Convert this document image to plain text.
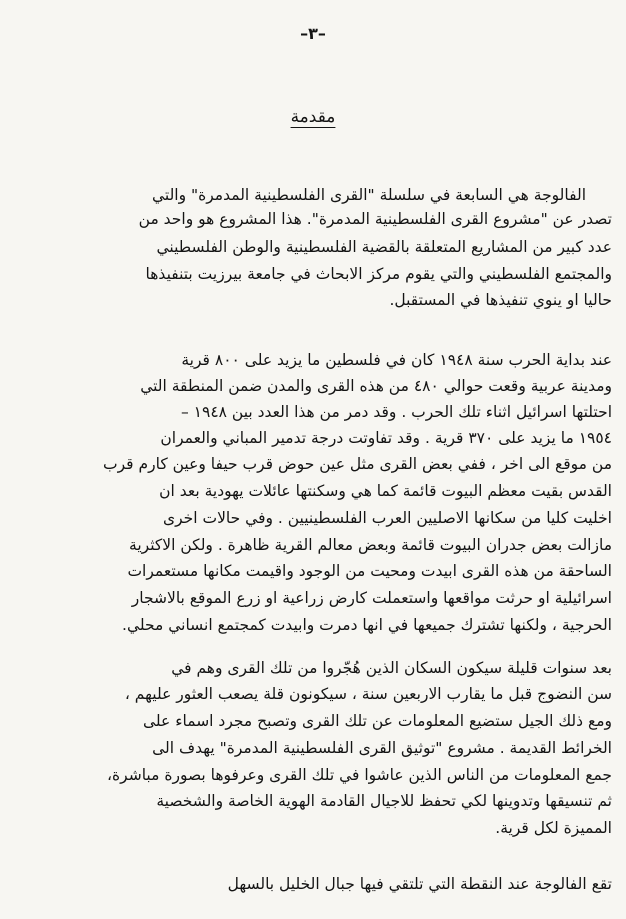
–٣–
مقدمة
الفالوجة هي السابعة في سلسلة "القرى الفلسطينية المدمرة" والتي
تصدر عن "مشروع القرى الفلسطينية المدمرة". هذا المشروع هو واحد من
عدد كبير من المشاريع المتعلقة بالقضية الفلسطينية والوطن الفلسطيني
والمجتمع الفلسطيني والتي يقوم مركز الابحاث في جامعة بيرزيت بتنفيذها
حاليا او ينوي تنفيذها في المستقبل.
عند بداية الحرب سنة ١٩٤٨ كان في فلسطين ما يزيد على ٨٠٠ قرية
ومدينة عربية وقعت حوالي ٤٨٠ من هذه القرى والمدن ضمن المنطقة التي
احتلتها اسرائيل اثناء تلك الحرب . وقد دمر من هذا العدد بين ١٩٤٨ –
١٩٥٤ ما يزيد على ٣٧٠ قرية . وقد تفاوتت درجة تدمير المباني والعمران
من موقع الى اخر ، ففي بعض القرى مثل عين حوض قرب حيفا وعين كارم قرب
القدس بقيت معظم البيوت قائمة كما هي وسكنتها عائلات يهودية بعد ان
اخليت كليا من سكانها الاصليين العرب الفلسطينيين . وفي حالات اخرى
مازالت بعض جدران البيوت قائمة وبعض معالم القرية ظاهرة . ولكن الاكثرية
الساحقة من هذه القرى ابيدت ومحيت من الوجود واقيمت مكانها مستعمرات
اسرائيلية او حرثت مواقعها واستعملت كارض زراعية او زرع الموقع بالاشجار
الحرجية ، ولكنها تشترك جميعها في انها دمرت وابيدت كمجتمع انساني محلي.
بعد سنوات قليلة سيكون السكان الذين هُجّروا من تلك القرى وهم في
سن النضوج قبل ما يقارب الاربعين سنة ، سيكونون قلة يصعب العثور عليهم ،
ومع ذلك الجيل ستضيع المعلومات عن تلك القرى وتصبح مجرد اسماء على
الخرائط القديمة . مشروع "توثيق القرى الفلسطينية المدمرة" يهدف الى
جمع المعلومات من الناس الذين عاشوا في تلك القرى وعرفوها بصورة مباشرة،
ثم تنسيقها وتدوينها لكي تحفظ للاجيال القادمة الهوية الخاصة والشخصية
المميزة لكل قرية.
تقع الفالوجة عند النقطة التي تلتقي فيها جبال الخليل بالسهل
